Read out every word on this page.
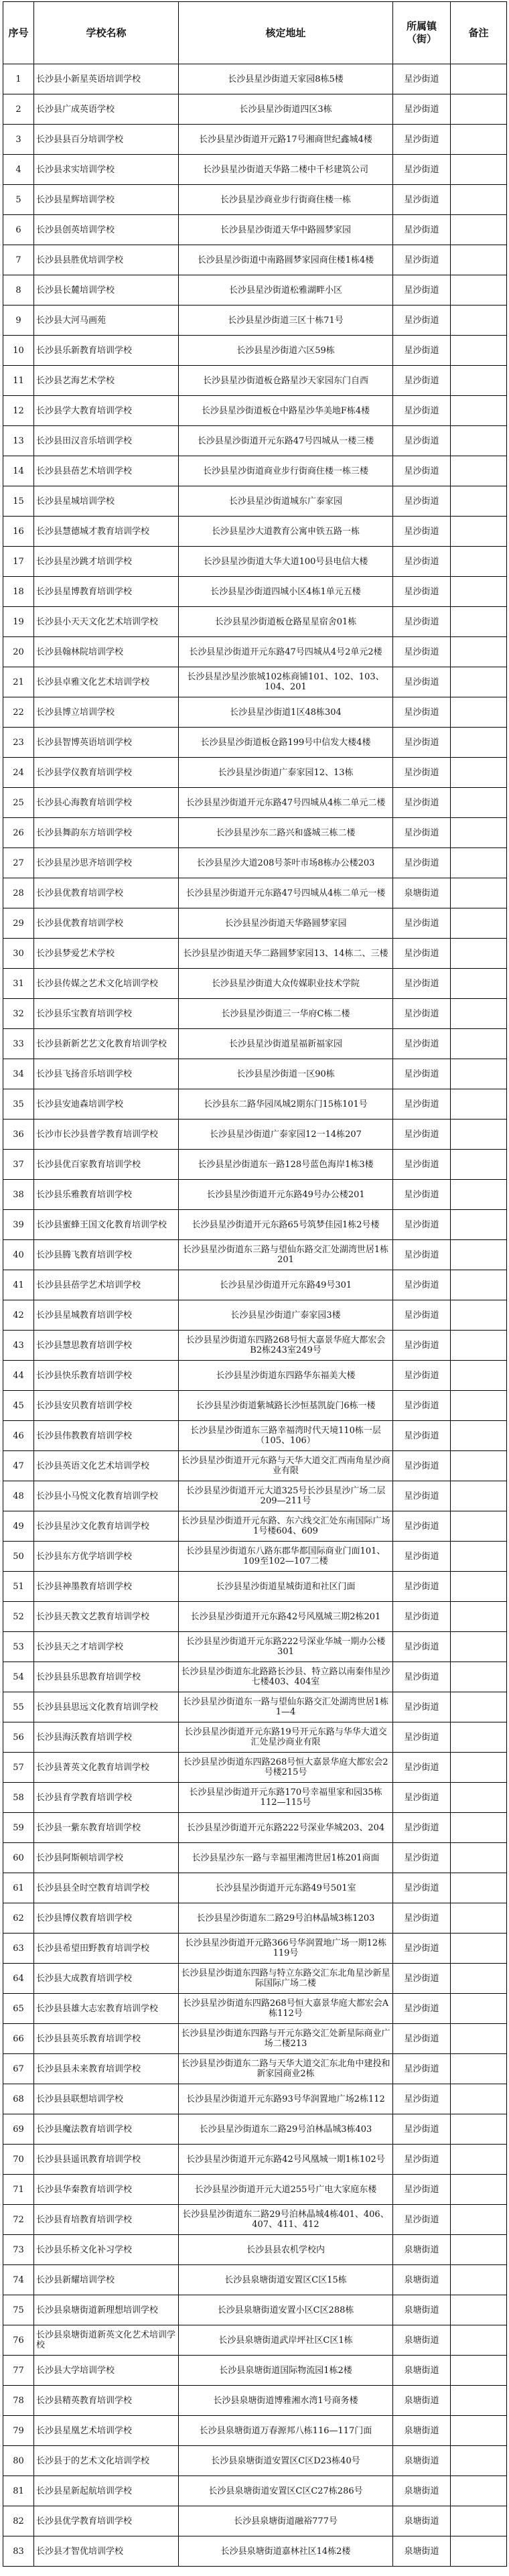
序号	学校名称	核定地址	所属镇（街）	备注
1	长沙县小新星英语培训学校	长沙县星沙街道天家园8栋5楼	星沙街道	
2	长沙县广成英语学校	长沙县星沙街道四区3栋	星沙街道	
3	长沙县县百分培训学校	长沙县星沙街道开元路17号湘商世纪鑫城4楼	星沙街道	
4	长沙县求实培训学校	长沙县星沙街道天华路二楼中千杉建筑公司	星沙街道	
5	长沙县星辉培训学校	长沙县星沙商业步行街商住楼一栋	星沙街道	
6	长沙县创英培训学校	长沙县星沙街道天华中路圆梦家园	星沙街道	
7	长沙县县胜优培训学校	长沙县星沙街道中南路圆梦家园商住楼1栋4楼	星沙街道	
8	长沙县长麓培训学校	长沙县星沙街道松雅湖畔小区	星沙街道	
9	长沙县大河马画苑	长沙县星沙街道三区十栋71号	星沙街道	
10	长沙县乐新教育培训学校	长沙县星沙街道六区59栋	星沙街道	
11	长沙县艺海艺术学校	长沙县星沙街道板仓路星沙天家园东门自西	星沙街道	
12	长沙县学大教育培训学校	长沙县星沙街道板仓中路星沙华美地F栋4楼	星沙街道	
13	长沙县田汉音乐培训学校	长沙县星沙街道开元东路47号四城从一楼三楼	星沙街道	
14	长沙县县蓓艺术培训学校	长沙县星沙街道商业步行街商住楼一栋三楼	星沙街道	
15	长沙县星城培训学校	长沙县星沙街道城东广泰家园	星沙街道	
16	长沙县慧德城才教育培训学校	长沙县星沙大道教育公寓申铁五路一栋	星沙街道	
17	长沙县星沙跳才培训学校	长沙县星沙街道大华大道100号县电信大楼	星沙街道	
18	长沙县星博教育培训学校	长沙县星沙街道四城小区4栋1单元五楼	星沙街道	
19	长沙县小天天文化艺术培训学校	长沙县星沙街道板仓路星星宿舍01栋	星沙街道	
20	长沙县翰林院培训学校	长沙县星沙街道开元东路47号四城从4号2单元2楼	星沙街道	
21	长沙县卓雅文化艺术培训学校	长沙县星沙星沙旅城102栋商铺101、102、103、104、201	星沙街道	
22	长沙县博立培训学校	长沙县星沙街道1区48栋304	星沙街道	
23	长沙县智博英语培训学校	长沙县星沙街道板仓路199号中信发大楼4楼	星沙街道	
24	长沙县学仪教育培训学校	长沙县星沙街道广泰家园12、13栋	星沙街道	
25	长沙县心海教育培训学校	长沙县星沙街道开元东路47号四城从4栋二单元二楼	星沙街道	
26	长沙县舞韵东方培训学校	长沙县星沙东二路兴和盛城三栋二楼	星沙街道	
27	长沙县星沙思齐培训学校	长沙县星沙大道208号茶叶市场8栋办公楼203	星沙街道	
28	长沙县优教育培训学校	长沙县星沙街道开元东路47号四城从4栋二单元一楼	泉塘街道	
29	长沙县优教育培训学校	长沙县星沙街道天华路圆梦家园	星沙街道	
30	长沙县梦爱艺术学校	长沙县星沙街道天华二路圆梦家园13、14栋二、三楼	星沙街道	
31	长沙县传媒之艺术文化培训学校	长沙县星沙街道大众传媒职业技术学院	星沙街道	
32	长沙县乐宝教育培训学校	长沙县星沙街道三一华府C栋二楼	星沙街道	
33	长沙县新新艺艺文化教育培训学校	长沙县星沙街道星福新福家园	星沙街道	
34	长沙县飞扬音乐培训学校	长沙县星沙街道一区90栋	星沙街道	
35	长沙县安迪森培训学校	长沙县东二路华园凤城2期东门15栋101号	星沙街道	
36	长沙市长沙县普学教育培训学校	长沙县星沙街道广泰家园12一14栋207	星沙街道	
37	长沙县优百家教育培训学校	长沙县星沙街道东一路128号蓝色海岸1栋3楼	星沙街道	
38	长沙县乐雅教育培训学校	长沙县星沙街道开元东路49号办公楼201	星沙街道	
39	长沙县蜜蜂王国文化教育培训学校	长沙县星沙街道开元东路65号筑梦佳园1栋2号楼	星沙街道	
40	长沙县腾飞教育培训学校	长沙县星沙街道东三路与望仙东路交汇处湖湾世居1栋201	星沙街道	
41	长沙县县蓓学艺术培训学校	长沙县星沙街道开元东路49号301	星沙街道	
42	长沙县星城教育培训学校	长沙县星沙街道广泰家园3楼	星沙街道	
43	长沙县慧思教育培训学校	长沙县星沙街道东四路268号恒大嘉景华庭大都宏会B2栋243室249号	星沙街道	
44	长沙县快乐教育培训学校	长沙县星沙街道东四路华东福美大楼	星沙街道	
45	长沙县安贝教育培训学校	长沙县星沙街道紫城路长沙恒基凯旋门6栋一楼	星沙街道	
46	长沙县伟教教育培训学校	长沙县星沙街道东三路幸福湾时代天境110栋一层（105、106）	星沙街道	
47	长沙县英语文化艺术培训学校	长沙县星沙街道开元东路与天华大道交汇西南角星沙商业有限	星沙街道	
48	长沙县小马悦文化教育培训学校	长沙县星沙街道开元大道325号长沙县星沙广场二层209—211号	星沙街道	
49	长沙县星沙文化教育培训学校	长沙县星沙街道开元东路、东六线交汇处东南国际广场1号楼604、609	星沙街道	
50	长沙县东方优学培训学校	长沙县星沙街道东八路东郡华都国际商业门面101、109至102—107二楼	星沙街道	
51	长沙县神墨教育培训学校	长沙县星沙街道星城街道和社区门面	星沙街道	
52	长沙县天教文艺教育培训学校	长沙县星沙街道开元东路42号风凰城三期2栋201	星沙街道	
53	长沙县天之才培训学校	长沙县星沙街道开元东路222号深业华城一期办公楼301	星沙街道	
54	长沙县县乐思教育培训学校	长沙县星沙街道东北路路长沙县、特立路以南秦伟星沙七楼403、404室	星沙街道	
55	长沙县县思远文化教育培训学校	长沙县星沙街道东一路与望仙东路交汇处湖湾世居1栋1—4	星沙街道	
56	长沙县海沃教育培训学校	长沙县星沙街道开元东路19号开元东路与华华大道交汇处星沙商业有限	星沙街道	
57	长沙县菁英文化教育培训学校	长沙县星沙街道东四路268号恒大嘉景华庭大都宏会2号楼215号	星沙街道	
58	长沙县育学教育培训学校	长沙县星沙街道开元东路170号幸福里家和园35栋112—115号	星沙街道	
59	长沙县一紫东教育培训学校	长沙县星沙街道开元东路222号深业华城203、204	星沙街道	
60	长沙县阿斯顿培训学校	长沙县星沙东一路与幸福里湘湾世居1栋201商面	星沙街道	
61	长沙县县全时空教育培训学校	长沙县星沙街道开元东路49号501室	星沙街道	
62	长沙县博仪教育培训学校	长沙县星沙街道东二路29号泊林晶城3栋1203	星沙街道	
63	长沙县希望田野教育培训学校	长沙县星沙街道开元路366号华润置地广场一期12栋119号	星沙街道	
64	长沙县大成教育培训学校	长沙县星沙街道东四路与特立东路交汇东北角星沙新星际国际广场二楼	星沙街道	
65	长沙县县雄大志宏教育培训学校	长沙县星沙街道东四路268号恒大嘉景华庭大都宏会A栋112号	星沙街道	
66	长沙县县英乐教育培训学校	长沙县星沙街道东四路与开元东路交汇处新星际商业广场二楼213	星沙街道	
67	长沙县县未来教育培训学校	长沙县星沙街道东二路与天华大道交汇东北角中建投和新家园商业2栋	星沙街道	
68	长沙县县联想培训学校	长沙县星沙街道开元东路93号华润置地广场2栋112	星沙街道	
69	长沙县魔法教育培训学校	长沙县星沙街道东二路29号泊林晶城3栋403	星沙街道	
70	长沙县县遥讯教育培训学校	长沙县星沙街道开元东路42号风凰城一期1栋102号	星沙街道	
71	长沙县华秦教育培训学校	长沙县星沙街道开元大道255号广电大家庭东楼	星沙街道	
72	长沙县育培教育培训学校	长沙县星沙街道东二路29号泊林晶城4栋401、406、407、411、412	星沙街道	
73	长沙县乐桥文化补习学校	长沙县县农机学校内	泉塘街道	
74	长沙县新耀培训学校	长沙县泉塘街道安置区C区15栋	泉塘街道	
75	长沙县泉塘街道新理想培训学校	长沙县泉塘街道安置小区C区288栋	泉塘街道	
76	长沙县泉塘街道新英文化艺术培训学校	长沙县泉塘街道武岸坪社区C区1栋	泉塘街道	
77	长沙县大学培训学校	长沙县泉塘街道国际物流园1栋2楼	泉塘街道	
78	长沙县精英教育培训学校	长沙县泉塘街道博雅湘水湾1号商务楼	泉塘街道	
79	长沙县星凰艺术培训学校	长沙县泉塘街道万春源邦八栋116—117门面	泉塘街道	
80	长沙县于的艺术文化培训学校	长沙县泉塘街道安置区C区D23栋40号	泉塘街道	
81	长沙县星新起航培训学校	长沙县泉塘街道安置区C区C27栋286号	泉塘街道	
82	长沙县优学教育培训学校	长沙县泉塘街道融裕777号	泉塘街道	
83	长沙县才智优培训学校	长沙县泉塘街道嘉林社区14栋2楼	泉塘街道	
